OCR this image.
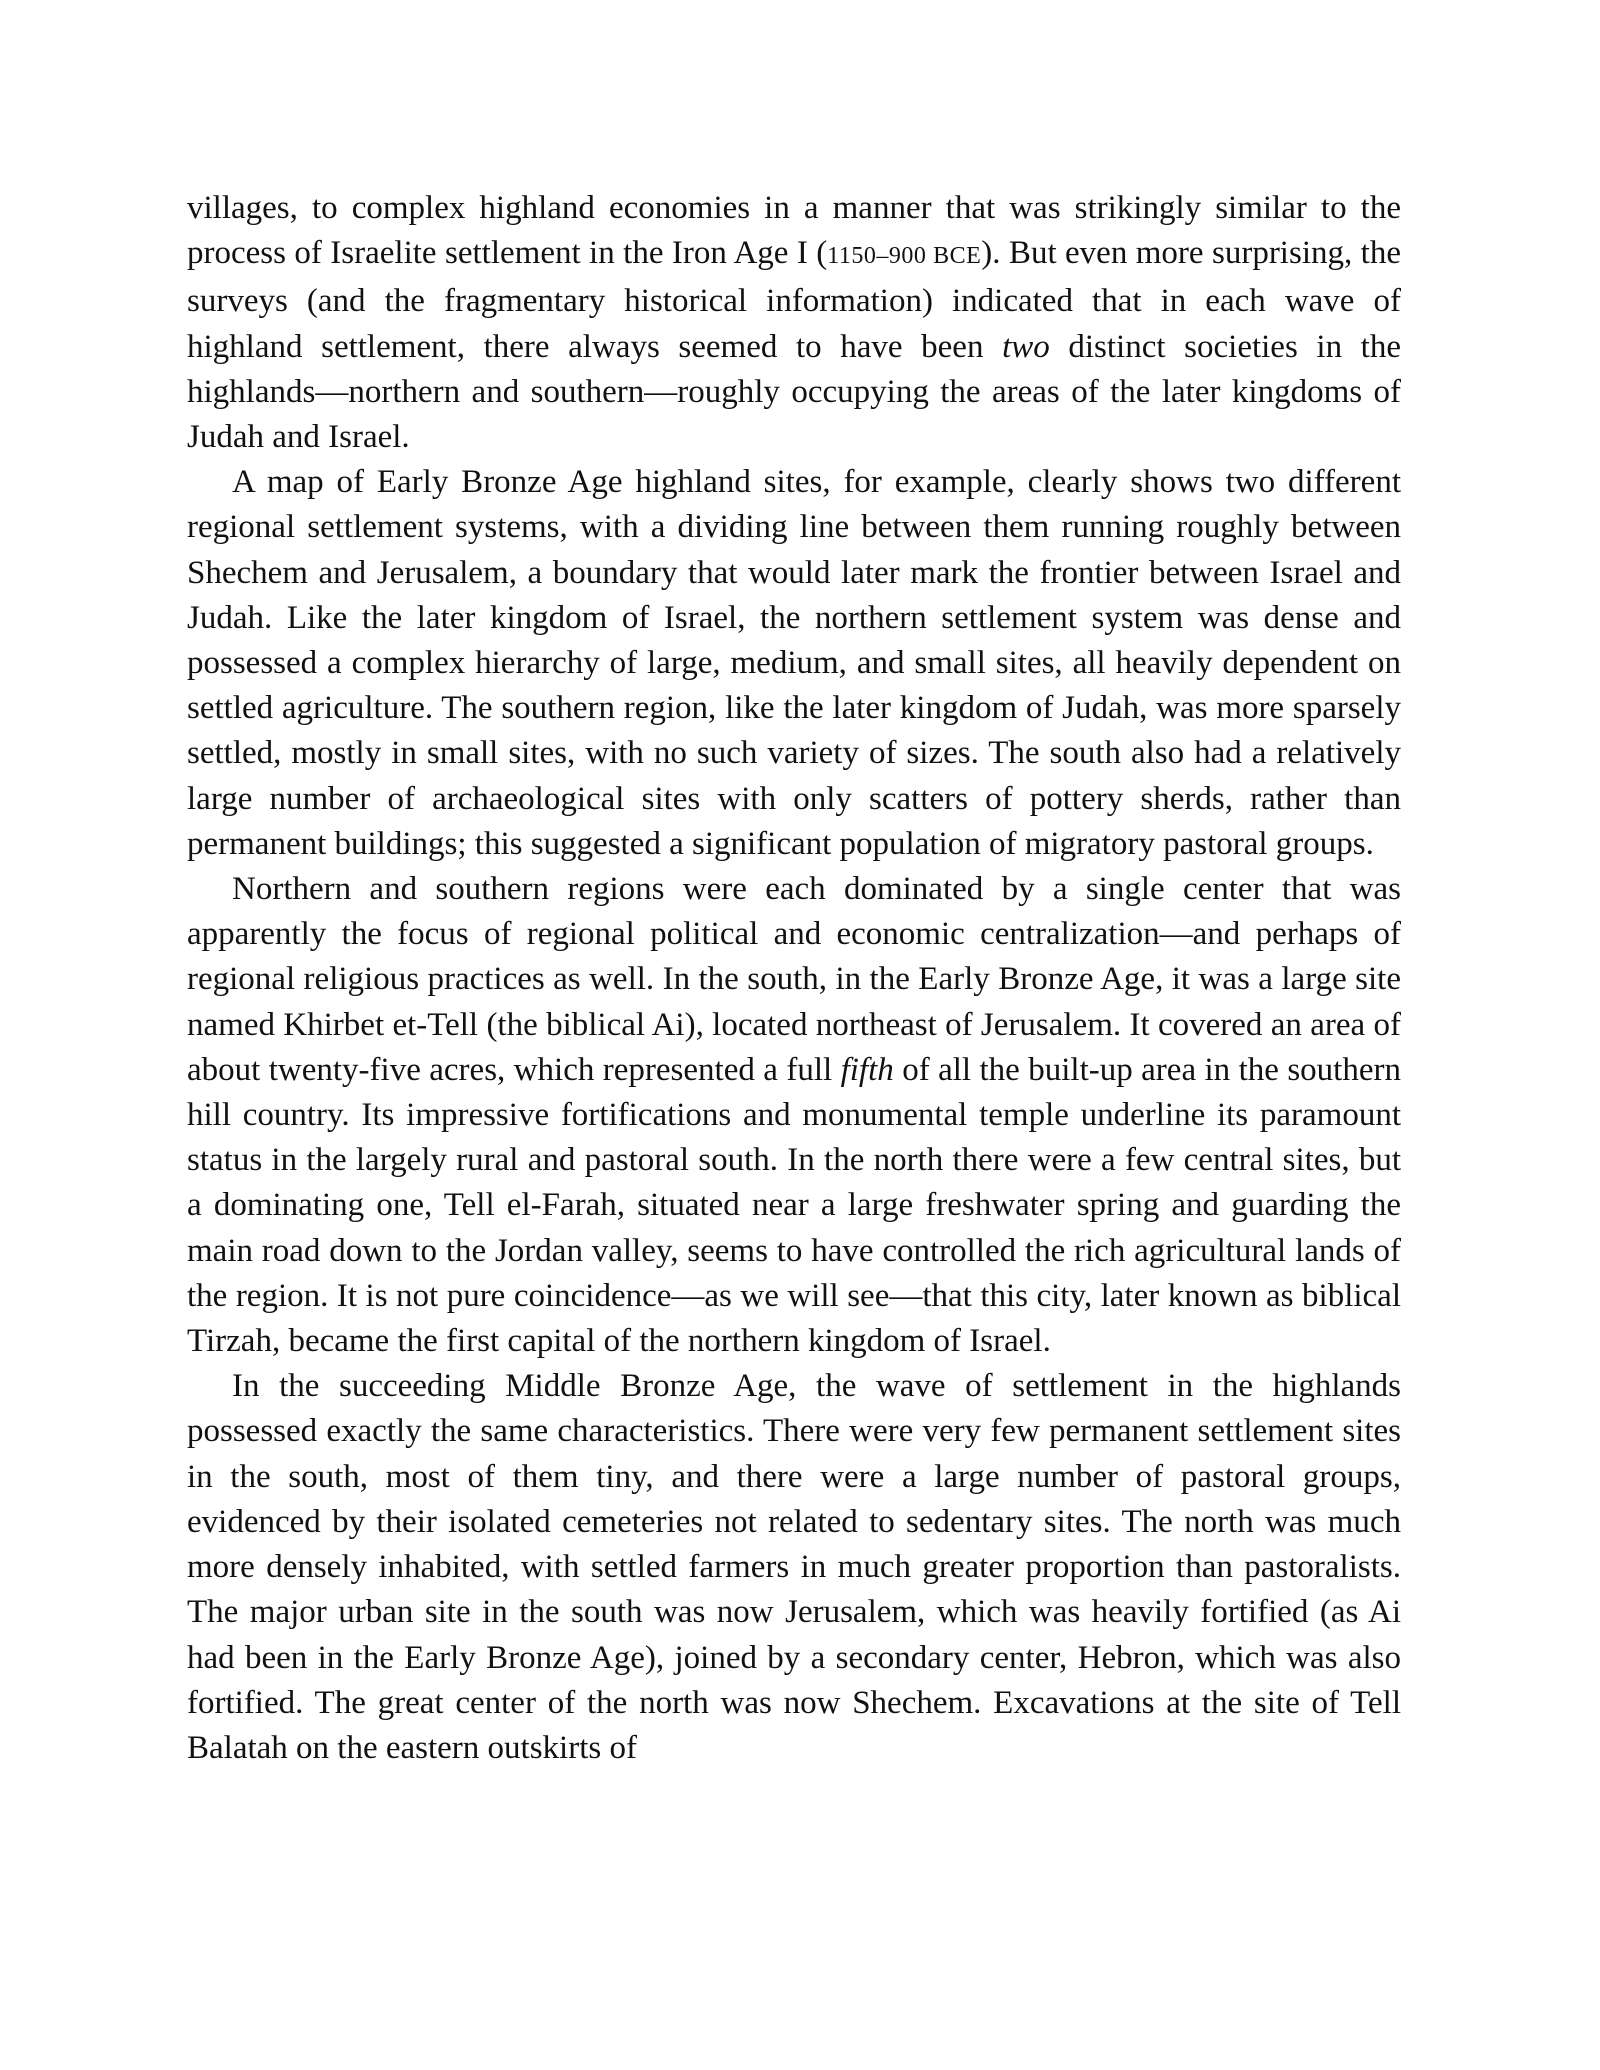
villages, to complex highland economies in a manner that was strikingly similar to the process of Israelite settlement in the Iron Age I (1150–900 BCE). But even more surprising, the surveys (and the fragmentary historical information) indicated that in each wave of highland settlement, there always seemed to have been two distinct societies in the highlands—northern and southern—roughly occupying the areas of the later kingdoms of Judah and Israel.

A map of Early Bronze Age highland sites, for example, clearly shows two different regional settlement systems, with a dividing line between them running roughly between Shechem and Jerusalem, a boundary that would later mark the frontier between Israel and Judah. Like the later kingdom of Israel, the northern settlement system was dense and possessed a complex hierarchy of large, medium, and small sites, all heavily dependent on settled agriculture. The southern region, like the later kingdom of Judah, was more sparsely settled, mostly in small sites, with no such variety of sizes. The south also had a relatively large number of archaeological sites with only scatters of pottery sherds, rather than permanent buildings; this suggested a significant population of migratory pastoral groups.

Northern and southern regions were each dominated by a single center that was apparently the focus of regional political and economic centralization—and perhaps of regional religious practices as well. In the south, in the Early Bronze Age, it was a large site named Khirbet et-Tell (the biblical Ai), located northeast of Jerusalem. It covered an area of about twenty-five acres, which represented a full fifth of all the built-up area in the southern hill country. Its impressive fortifications and monumental temple underline its paramount status in the largely rural and pastoral south. In the north there were a few central sites, but a dominating one, Tell el-Farah, situated near a large freshwater spring and guarding the main road down to the Jordan valley, seems to have controlled the rich agricultural lands of the region. It is not pure coincidence—as we will see—that this city, later known as biblical Tirzah, became the first capital of the northern kingdom of Israel.

In the succeeding Middle Bronze Age, the wave of settlement in the highlands possessed exactly the same characteristics. There were very few permanent settlement sites in the south, most of them tiny, and there were a large number of pastoral groups, evidenced by their isolated cemeteries not related to sedentary sites. The north was much more densely inhabited, with settled farmers in much greater proportion than pastoralists. The major urban site in the south was now Jerusalem, which was heavily fortified (as Ai had been in the Early Bronze Age), joined by a secondary center, Hebron, which was also fortified. The great center of the north was now Shechem. Excavations at the site of Tell Balatah on the eastern outskirts of
